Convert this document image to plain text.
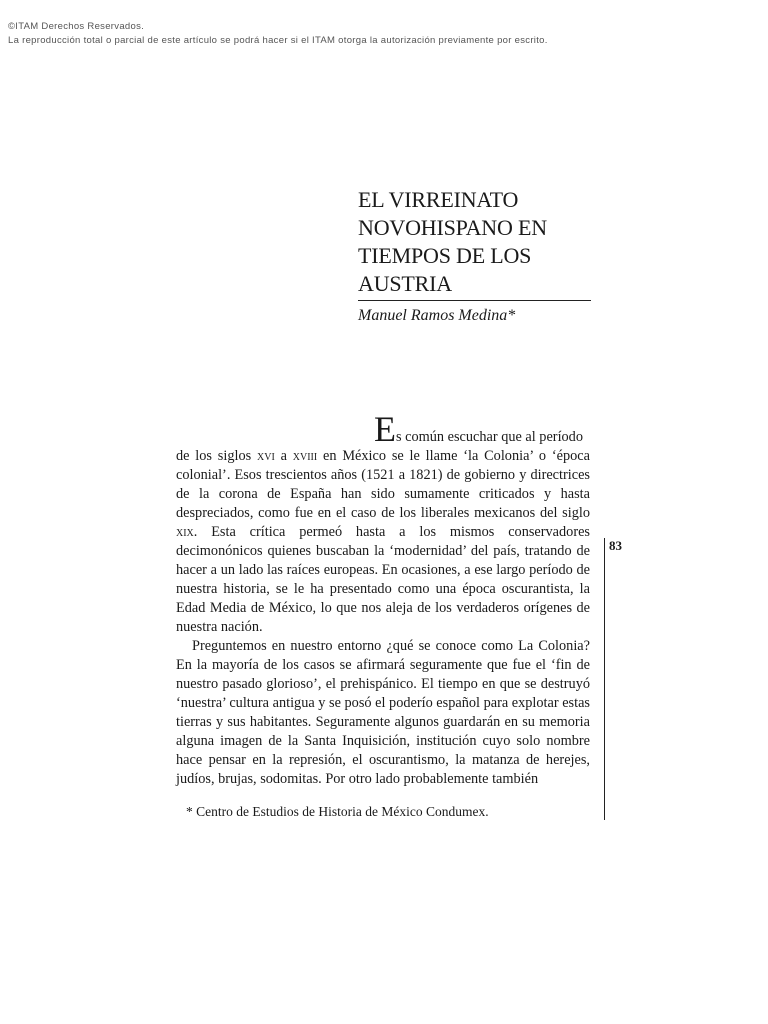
©ITAM Derechos Reservados.
La reproducción total o parcial de este artículo se podrá hacer si el ITAM otorga la autorización previamente por escrito.
EL VIRREINATO
NOVOHISPANO EN
TIEMPOS DE LOS
AUSTRIA
Manuel Ramos Medina*

Es común escuchar que al período
de los siglos xvi a xviii en México se le llame ‘la Colonia’ o ‘época colonial’. Esos trescientos años (1521 a 1821) de gobierno y directrices de la corona de España han sido sumamente criticados y hasta despreciados, como fue en el caso de los liberales mexicanos del siglo xix. Esta crítica permeó hasta a los mismos conservadores decimonónicos quienes buscaban la ‘modernidad’ del país, tratando de hacer a un lado las raíces europeas. En ocasiones, a ese largo período de nuestra historia, se le ha presentado como una época oscurantista, la Edad Media de México, lo que nos aleja de los verdaderos orígenes de nuestra nación.

Preguntemos en nuestro entorno ¿qué se conoce como La Colonia? En la mayoría de los casos se afirmará seguramente que fue el ‘fin de nuestro pasado glorioso’, el prehispánico. El tiempo en que se destruyó ‘nuestra’ cultura antigua y se posó el poderío español para explotar estas tierras y sus habitantes. Seguramente algunos guardarán en su memoria alguna imagen de la Santa Inquisición, institución cuyo solo nombre hace pensar en la represión, el oscurantismo, la matanza de herejes, judíos, brujas, sodomitas. Por otro lado probablemente también

83
* Centro de Estudios de Historia de México Condumex.
